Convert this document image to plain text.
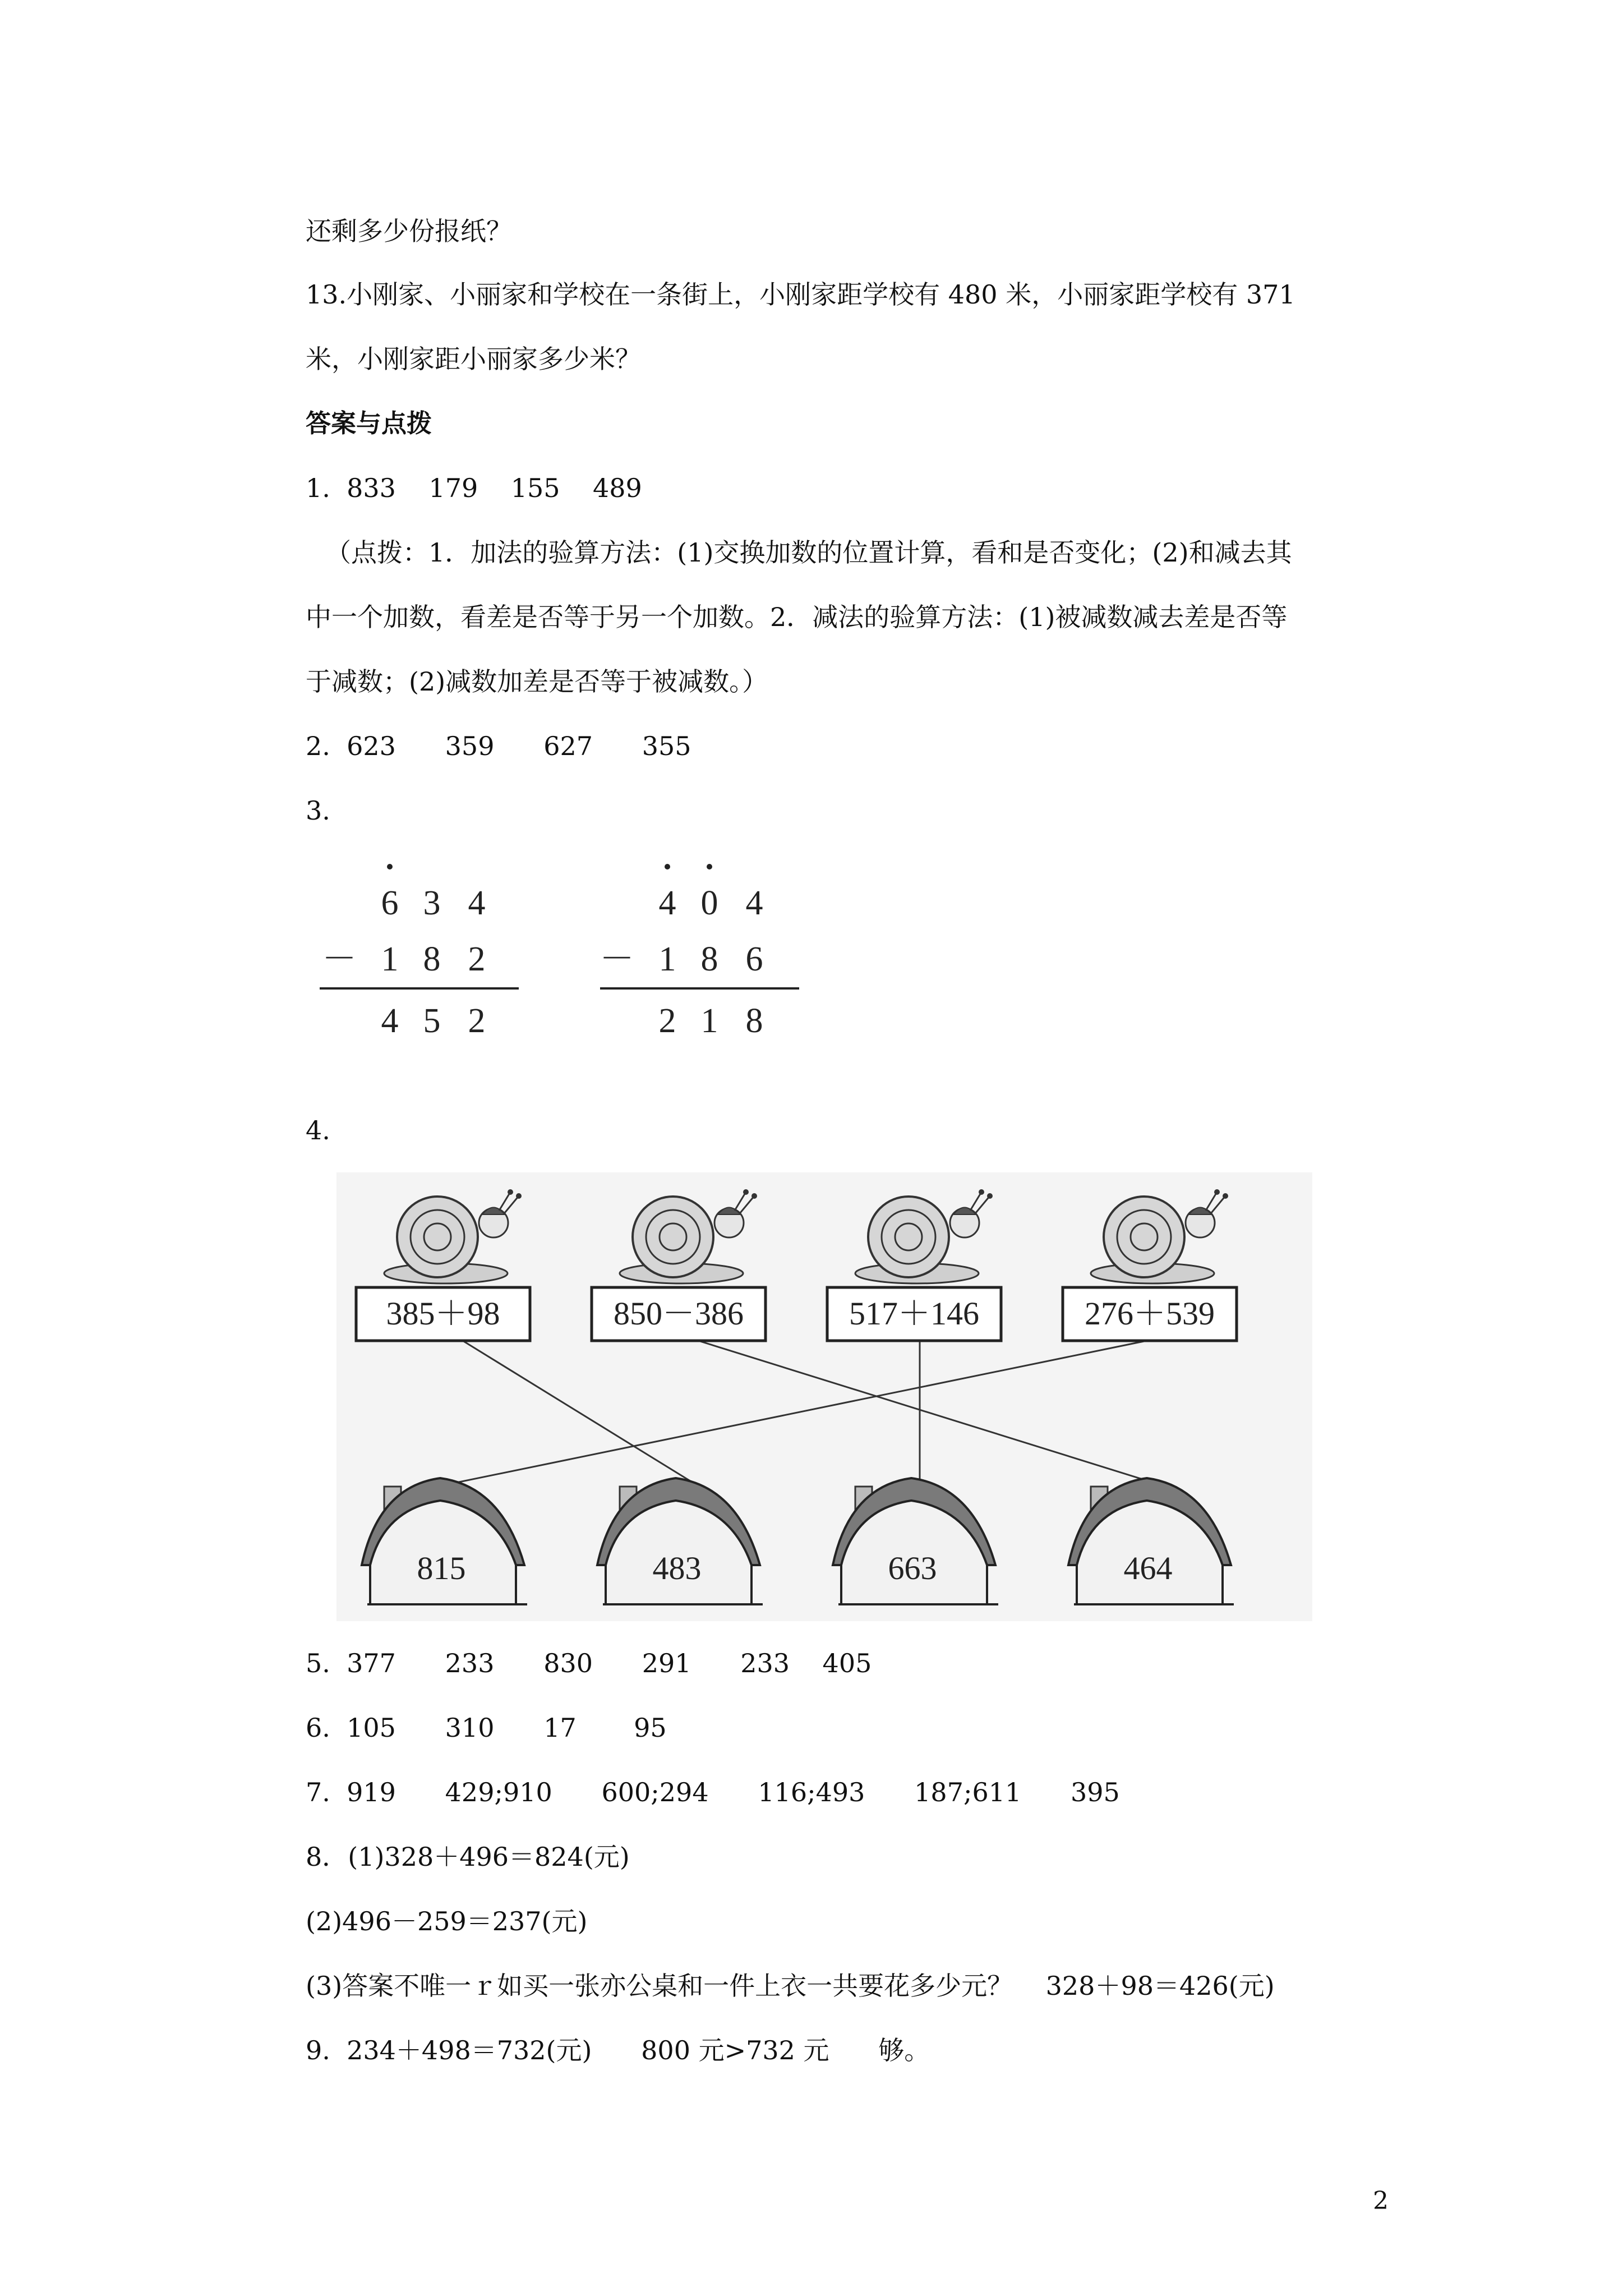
还剩多少份报纸？

13.小刚家、小丽家和学校在一条街上，小刚家距学校有 480 米，小丽家距学校有 371

米，小刚家距小丽家多少米？

答案与点拨

1.  833    179    155    489

（点拨：1．加法的验算方法：(1)交换加数的位置计算，看和是否变化；(2)和减去其

中一个加数，看差是否等于另一个加数。2．减法的验算方法：(1)被减数减去差是否等

于减数；(2)减数加差是否等于被减数。）

2.  623      359      627      355

3.

6 3 4
1 8 2
4 5 2
－
4 0 4
1 8 6
2 1 8
－

4.

385＋98	850－386	517＋146	276＋539
815	483	663	464

5.  377      233      830      291      233    405

6.  105      310      17       95

7.  919      429;910      600;294      116;493      187;611      395

8．(1)328＋496＝824(元)

(2)496－259＝237(元)

(3)答案不唯一ｒ如买一张亦公桌和一件上衣一共要花多少元？    328＋98＝426(元)

9.  234＋498＝732(元)      800 元>732 元      够。

2
